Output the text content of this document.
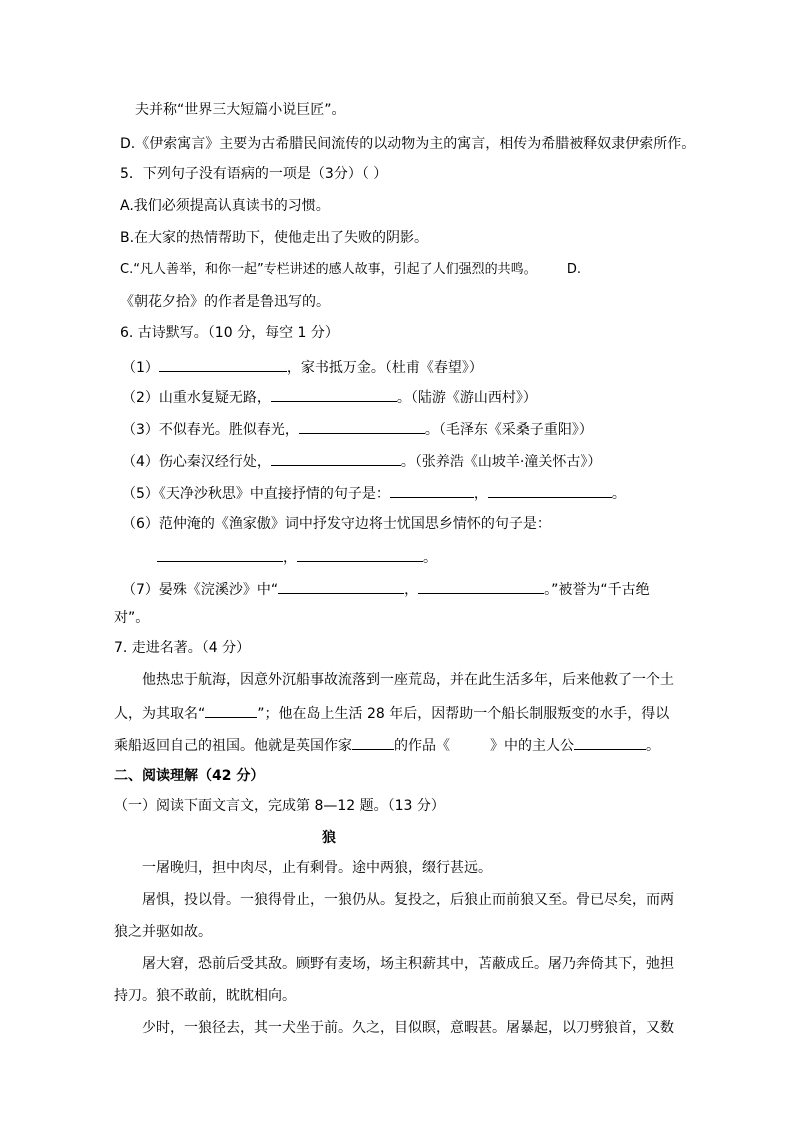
夫并称“世界三大短篇小说巨匠”。
D.《伊索寓言》主要为古希腊民间流传的以动物为主的寓言，相传为希腊被释奴隶伊索所作。
5．下列句子没有语病的一项是（3分）（ ）
A.我们必须提高认真读书的习惯。
B.在大家的热情帮助下，使他走出了失败的阴影。
C.“凡人善举，和你一起”专栏讲述的感人故事，引起了人们强烈的共鸣。 D.
《朝花夕拾》的作者是鲁迅写的。
6. 古诗默写。（10 分，每空 1 分）
（1）	，家书抵万金。（杜甫《春望》）
（2）山重水复疑无路，	。（陆游《游山西村》）
（3）不似春光。胜似春光，	。（毛泽东《采桑子重阳》）
（4）伤心秦汉经行处，	。（张养浩《山坡羊·潼关怀古》）
（5）《天净沙秋思》中直接抒情的句子是：	，	。
（6）范仲淹的《渔家傲》词中抒发守边将士忧国思乡情怀的句子是：
，	。
（7）晏殊《浣溪沙》中“	，	。”被誉为“千古绝
对”。
7. 走进名著。（4 分）
他热忠于航海，因意外沉船事故流落到一座荒岛，并在此生活多年，后来他救了一个土
人，为其取名“	”；他在岛上生活 28 年后，因帮助一个船长制服叛变的水手，得以
乘船返回自己的祖国。他就是英国作家	的作品《	》中的主人公	。
二、阅读理解（42 分）
（一）阅读下面文言文，完成第 8—12 题。（13 分）
狼
一屠晚归，担中肉尽，止有剩骨。途中两狼，缀行甚远。
屠惧，投以骨。一狼得骨止，一狼仍从。复投之，后狼止而前狼又至。骨已尽矣，而两
狼之并驱如故。
屠大窘，恐前后受其敌。顾野有麦场，场主积薪其中，苫蔽成丘。屠乃奔倚其下，弛担
持刀。狼不敢前，眈眈相向。
少时，一狼径去，其一犬坐于前。久之，目似瞑，意暇甚。屠暴起，以刀劈狼首，又数
